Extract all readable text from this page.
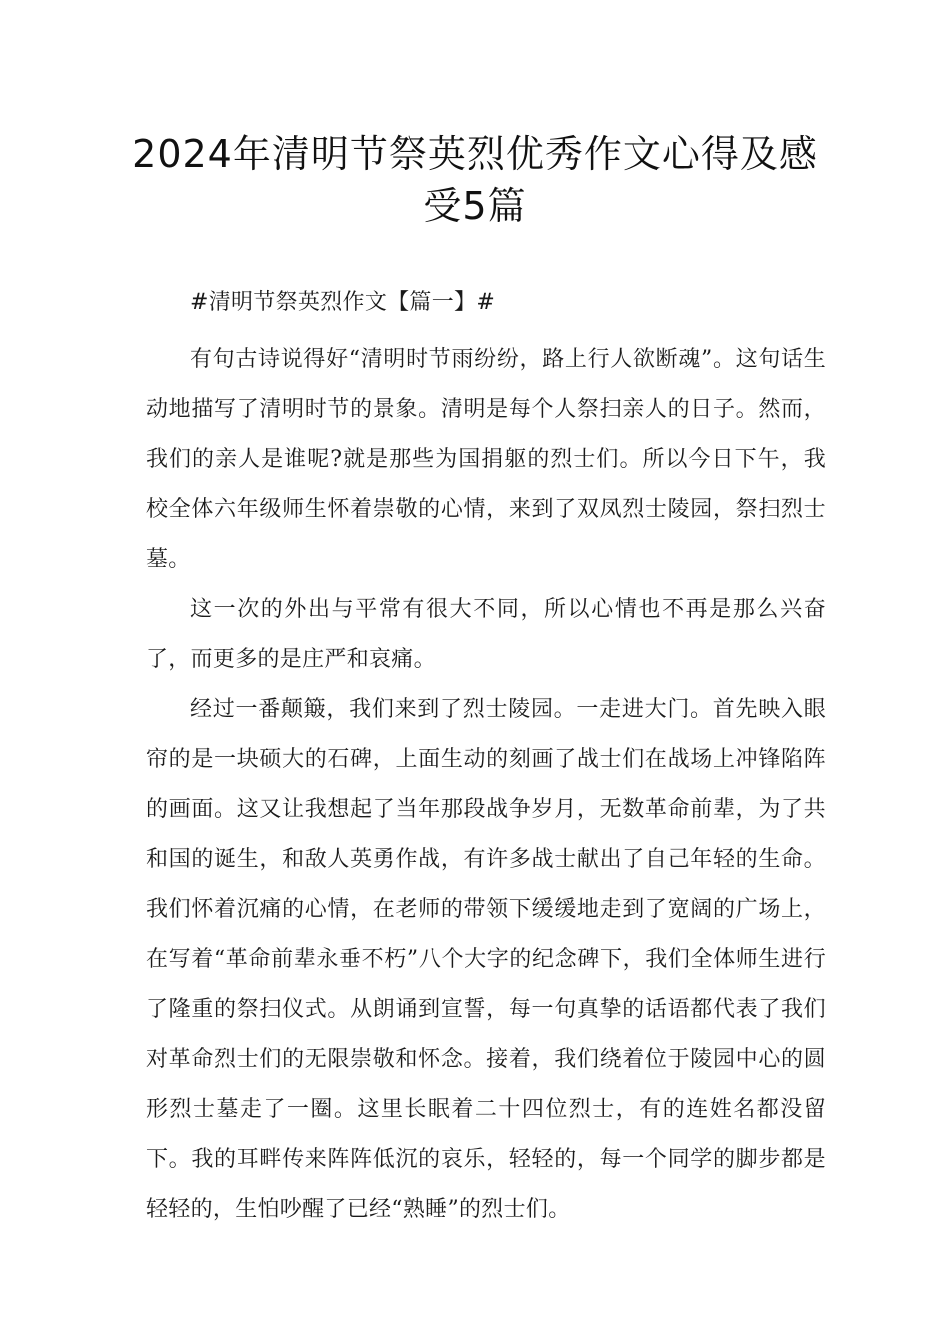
2024年清明节祭英烈优秀作文心得及感
受5篇

#清明节祭英烈作文【篇一】#

有句古诗说得好“清明时节雨纷纷，路上行人欲断魂”。这句话生动地描写了清明时节的景象。清明是每个人祭扫亲人的日子。然而，我们的亲人是谁呢?就是那些为国捐躯的烈士们。所以今日下午，我校全体六年级师生怀着崇敬的心情，来到了双凤烈士陵园，祭扫烈士墓。

这一次的外出与平常有很大不同，所以心情也不再是那么兴奋了，而更多的是庄严和哀痛。

经过一番颠簸，我们来到了烈士陵园。一走进大门。首先映入眼帘的是一块硕大的石碑，上面生动的刻画了战士们在战场上冲锋陷阵的画面。这又让我想起了当年那段战争岁月，无数革命前辈，为了共和国的诞生，和敌人英勇作战，有许多战士献出了自己年轻的生命。我们怀着沉痛的心情，在老师的带领下缓缓地走到了宽阔的广场上，在写着“革命前辈永垂不朽”八个大字的纪念碑下，我们全体师生进行了隆重的祭扫仪式。从朗诵到宣誓，每一句真挚的话语都代表了我们对革命烈士们的无限崇敬和怀念。接着，我们绕着位于陵园中心的圆形烈士墓走了一圈。这里长眠着二十四位烈士，有的连姓名都没留下。我的耳畔传来阵阵低沉的哀乐，轻轻的，每一个同学的脚步都是轻轻的，生怕吵醒了已经“熟睡”的烈士们。
